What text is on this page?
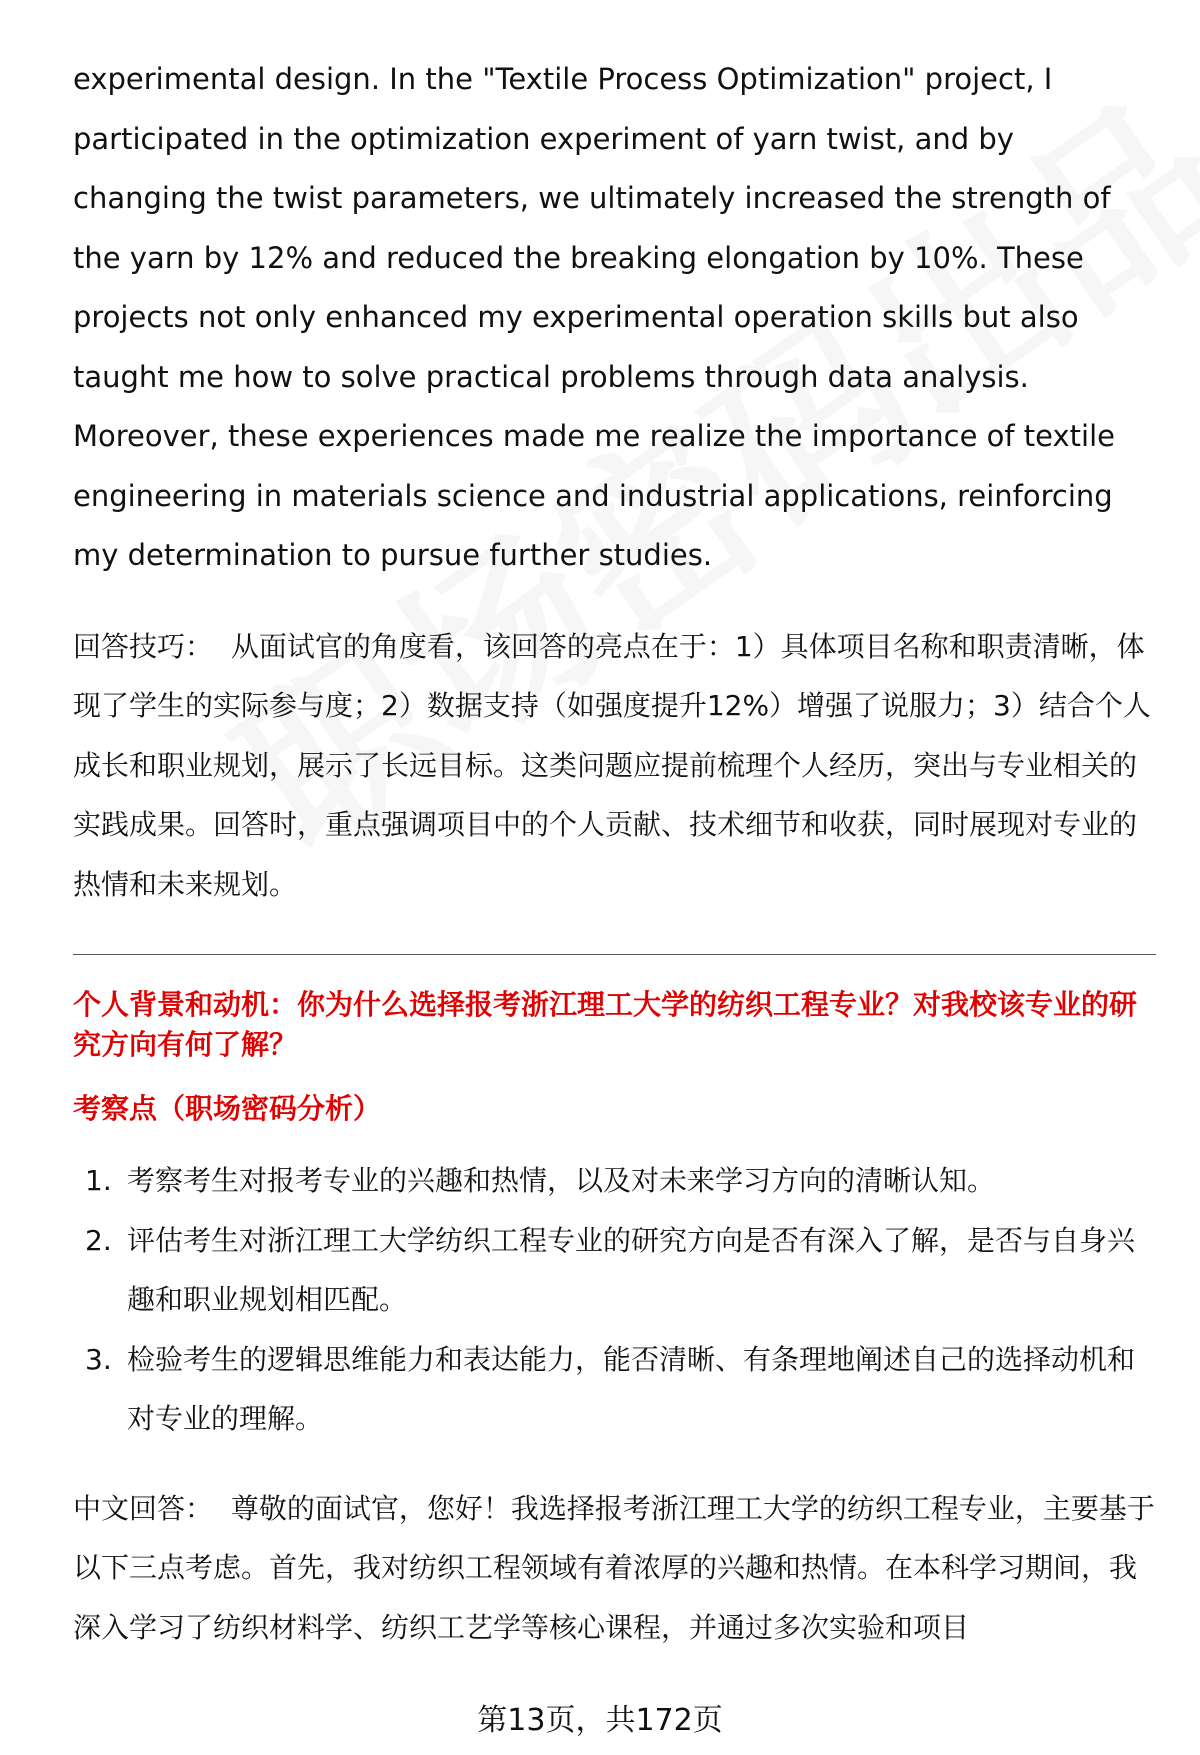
experimental design. In the "Textile Process Optimization" project, I participated in the optimization experiment of yarn twist, and by changing the twist parameters, we ultimately increased the strength of the yarn by 12% and reduced the breaking elongation by 10%. These projects not only enhanced my experimental operation skills but also taught me how to solve practical problems through data analysis. Moreover, these experiences made me realize the importance of textile engineering in materials science and industrial applications, reinforcing my determination to pursue further studies.

回答技巧： 从面试官的角度看，该回答的亮点在于：1）具体项目名称和职责清晰，体现了学生的实际参与度；2）数据支持（如强度提升12%）增强了说服力；3）结合个人成长和职业规划，展示了长远目标。这类问题应提前梳理个人经历，突出与专业相关的实践成果。回答时，重点强调项目中的个人贡献、技术细节和收获，同时展现对专业的热情和未来规划。

个人背景和动机：你为什么选择报考浙江理工大学的纺织工程专业？对我校该专业的研究方向有何了解？
考察点（职场密码分析）
1. 考察考生对报考专业的兴趣和热情，以及对未来学习方向的清晰认知。
2. 评估考生对浙江理工大学纺织工程专业的研究方向是否有深入了解，是否与自身兴趣和职业规划相匹配。
3. 检验考生的逻辑思维能力和表达能力，能否清晰、有条理地阐述自己的选择动机和对专业的理解。

中文回答： 尊敬的面试官，您好！我选择报考浙江理工大学的纺织工程专业，主要基于以下三点考虑。首先，我对纺织工程领域有着浓厚的兴趣和热情。在本科学习期间，我深入学习了纺织材料学、纺织工艺学等核心课程，并通过多次实验和项目

第13页，共172页
